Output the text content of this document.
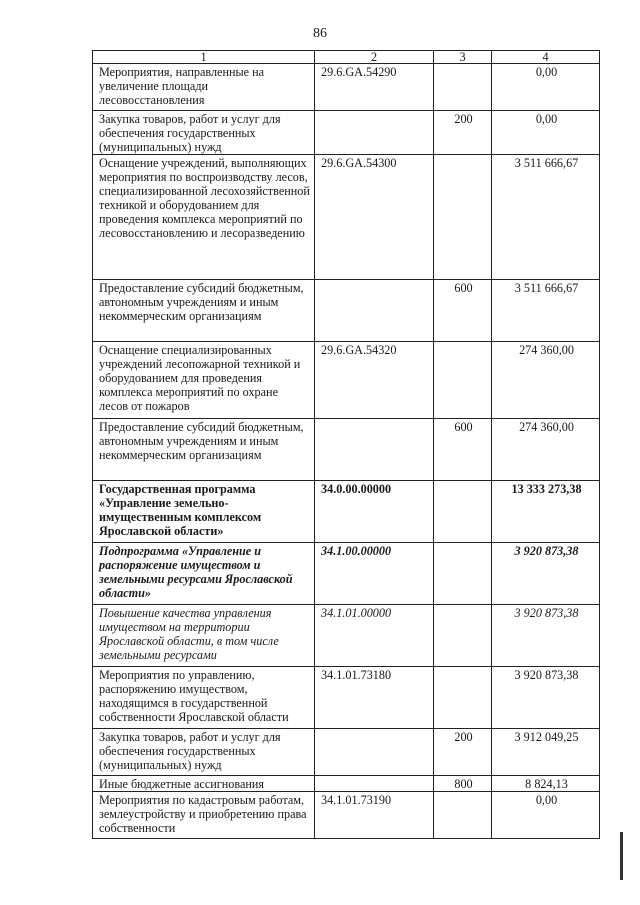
86
1	2	3	4
Мероприятия, направленные на увеличение площади лесовосстановления	29.6.GA.54290		0,00
Закупка товаров, работ и услуг для обеспечения государственных (муниципальных) нужд		200	0,00
Оснащение учреждений, выполняющих мероприятия по воспроизводству лесов, специализированной лесохозяйственной техникой и оборудованием для проведения комплекса мероприятий по лесовосстановлению и лесоразведению	29.6.GA.54300		3 511 666,67
Предоставление субсидий бюджетным, автономным учреждениям и иным некоммерческим организациям		600	3 511 666,67
Оснащение специализированных учреждений лесопожарной техникой и оборудованием для проведения комплекса мероприятий по охране лесов от пожаров	29.6.GA.54320		274 360,00
Предоставление субсидий бюджетным, автономным учреждениям и иным некоммерческим организациям		600	274 360,00
Государственная программа «Управление земельно-имущественным комплексом Ярославской области»	34.0.00.00000		13 333 273,38
Подпрограмма «Управление и распоряжение имуществом и земельными ресурсами Ярославской области»	34.1.00.00000		3 920 873,38
Повышение качества управления имуществом на территории Ярославской области, в том числе земельными ресурсами	34.1.01.00000		3 920 873,38
Мероприятия по управлению, распоряжению имуществом, находящимся в государственной собственности Ярославской области	34.1.01.73180		3 920 873,38
Закупка товаров, работ и услуг для обеспечения государственных (муниципальных) нужд		200	3 912 049,25
Иные бюджетные ассигнования		800	8 824,13
Мероприятия по кадастровым работам, землеустройству и приобретению права собственности	34.1.01.73190		0,00
